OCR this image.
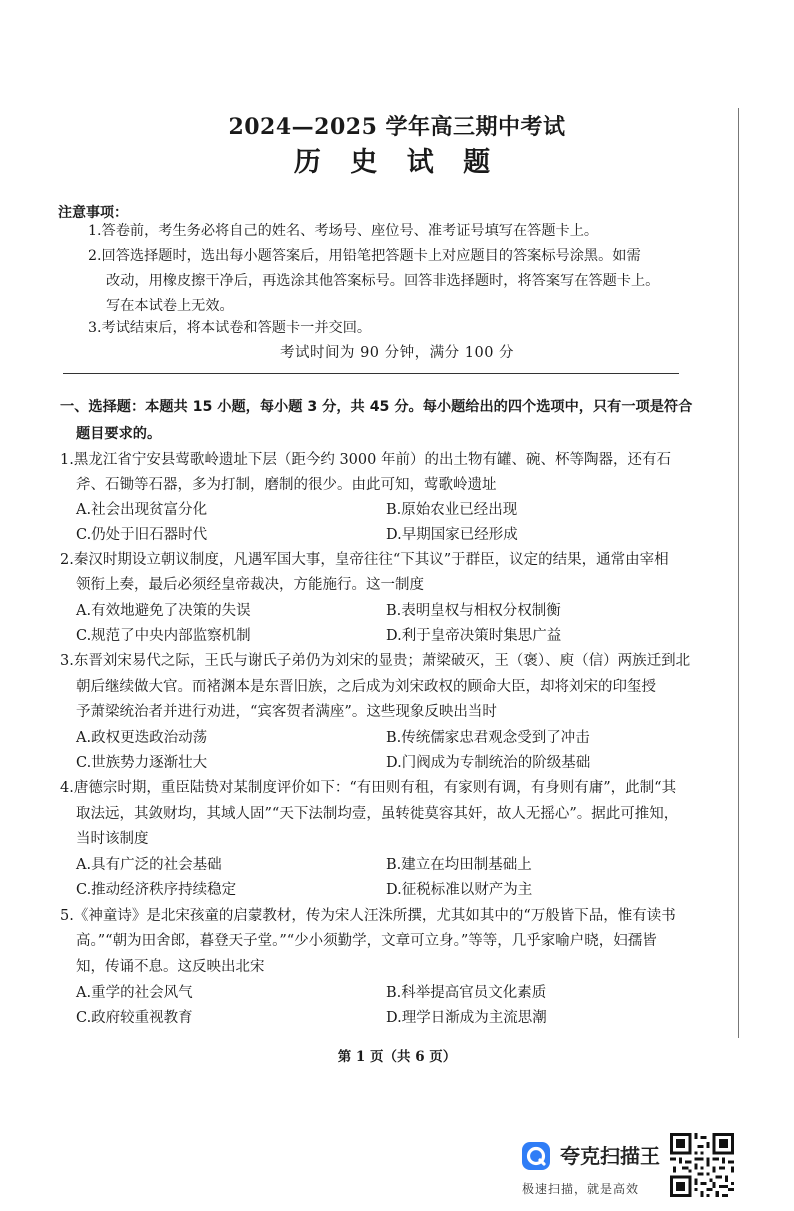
2024—2025 学年高三期中考试
历 史 试 题
注意事项：
1.答卷前，考生务必将自己的姓名、考场号、座位号、准考证号填写在答题卡上。
2.回答选择题时，选出每小题答案后，用铅笔把答题卡上对应题目的答案标号涂黑。如需
改动，用橡皮擦干净后，再选涂其他答案标号。回答非选择题时，将答案写在答题卡上。
写在本试卷上无效。
3.考试结束后，将本试卷和答题卡一并交回。
考试时间为 90 分钟，满分 100 分
一、选择题：本题共 15 小题，每小题 3 分，共 45 分。每小题给出的四个选项中，只有一项是符合
题目要求的。
1.黑龙江省宁安县莺歌岭遗址下层（距今约 3000 年前）的出土物有罐、碗、杯等陶器，还有石
斧、石锄等石器，多为打制，磨制的很少。由此可知，莺歌岭遗址
A.社会出现贫富分化	B.原始农业已经出现
C.仍处于旧石器时代	D.早期国家已经形成
2.秦汉时期设立朝议制度，凡遇军国大事，皇帝往往“下其议”于群臣，议定的结果，通常由宰相
领衔上奏，最后必须经皇帝裁决，方能施行。这一制度
A.有效地避免了决策的失误	B.表明皇权与相权分权制衡
C.规范了中央内部监察机制	D.利于皇帝决策时集思广益
3.东晋刘宋易代之际，王氏与谢氏子弟仍为刘宋的显贵；萧梁破灭，王（褒）、庾（信）两族迁到北
朝后继续做大官。而褚渊本是东晋旧族，之后成为刘宋政权的顾命大臣，却将刘宋的印玺授
予萧梁统治者并进行劝进，“宾客贺者满座”。这些现象反映出当时
A.政权更迭政治动荡	B.传统儒家忠君观念受到了冲击
C.世族势力逐渐壮大	D.门阀成为专制统治的阶级基础
4.唐德宗时期，重臣陆贽对某制度评价如下：“有田则有租，有家则有调，有身则有庸”，此制“其
取法远，其敛财均，其域人固”“天下法制均壹，虽转徙莫容其奸，故人无摇心”。据此可推知，
当时该制度
A.具有广泛的社会基础	B.建立在均田制基础上
C.推动经济秩序持续稳定	D.征税标准以财产为主
5.《神童诗》是北宋孩童的启蒙教材，传为宋人汪洙所撰，尤其如其中的“万般皆下品，惟有读书
高。”“朝为田舍郎，暮登天子堂。”“少小须勤学，文章可立身。”等等，几乎家喻户晓，妇孺皆
知，传诵不息。这反映出北宋
A.重学的社会风气	B.科举提高官员文化素质
C.政府较重视教育	D.理学日渐成为主流思潮
第 1 页（共 6 页）
夸克扫描王
极速扫描，就是高效
